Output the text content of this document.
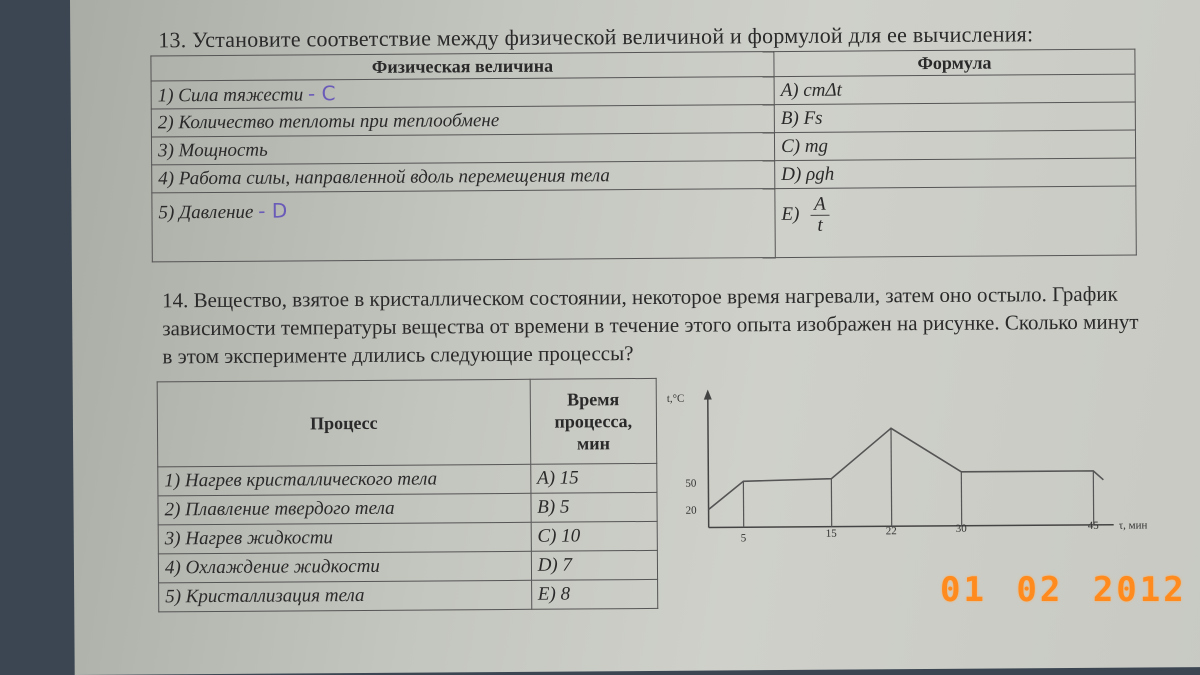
13. Установите соответствие между физической величиной и формулой для ее вычисления:
Физическая величина	Формула
1) Сила тяжести - C	A) cmΔt
2) Количество теплоты при теплообмене	B) Fs
3) Мощность	C) mg
4) Работа силы, направленной вдоль перемещения тела	D) ρgh
5) Давление - D	$E) \frac{A}{t}$
14. Вещество, взятое в кристаллическом состоянии, некоторое время нагревали, затем оно остыло. График зависимости температуры вещества от времени в течение этого опыта изображен на рисунке. Сколько минут в этом эксперименте длились следующие процессы?
Процесс	Время процесса, мин
1) Нагрев кристаллического тела	A) 15
2) Плавление твердого тела	B) 5
3) Нагрев жидкости	C) 10
4) Охлаждение жидкости	D) 7
5) Кристаллизация тела	E) 8
t,°C
τ, мин
20
50
5	15	22	30	45
01 02 2012
